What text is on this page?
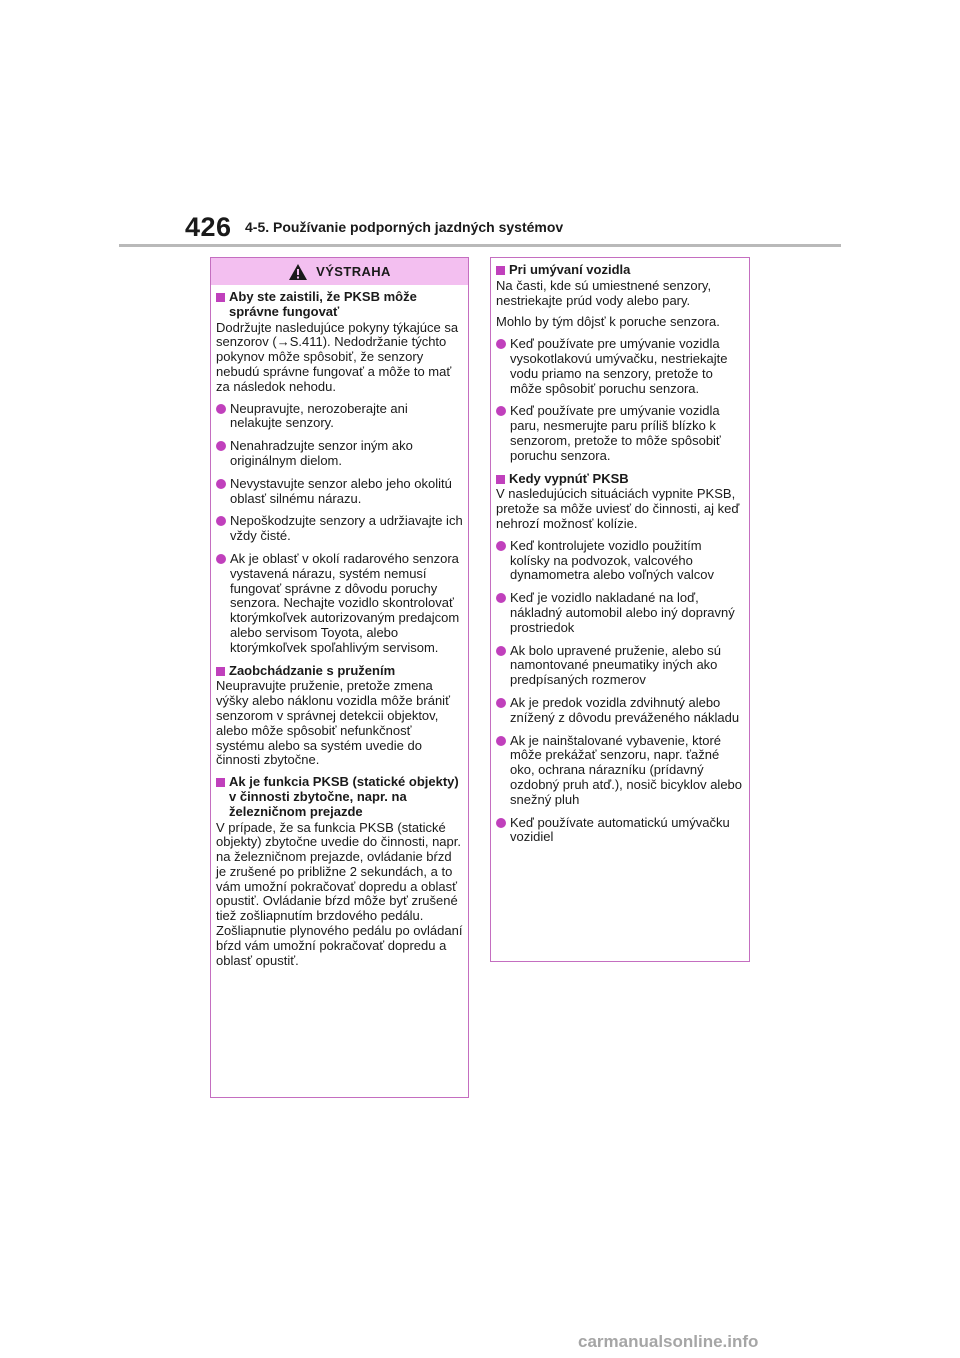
426 4-5. Používanie podporných jazdných systémov
VÝSTRAHA
Aby ste zaistili, že PKSB môže správne fungovať
Dodržujte nasledujúce pokyny týkajúce sa senzorov (→S.411). Nedodržanie týchto pokynov môže spôsobiť, že senzory nebudú správne fungovať a môže to mať za následok nehodu.
Neupravujte, nerozoberajte ani nelakujte senzory.
Nenahradzujte senzor iným ako originálnym dielom.
Nevystavujte senzor alebo jeho okolitú oblasť silnému nárazu.
Nepoškodzujte senzory a udržiavajte ich vždy čisté.
Ak je oblasť v okolí radarového senzora vystavená nárazu, systém nemusí fungovať správne z dôvodu poruchy senzora. Nechajte vozidlo skontrolovať ktorýmkoľvek autorizovaným predajcom alebo servisom Toyota, alebo ktorýmkoľvek spoľahlivým servisom.
Zaobchádzanie s pružením
Neupravujte pruženie, pretože zmena výšky alebo náklonu vozidla môže brániť senzorom v správnej detekcii objektov, alebo môže spôsobiť nefunkčnosť systému alebo sa systém uvedie do činnosti zbytočne.
Ak je funkcia PKSB (statické objekty) v činnosti zbytočne, napr. na železničnom prejazde
V prípade, že sa funkcia PKSB (statické objekty) zbytočne uvedie do činnosti, napr. na železničnom prejazde, ovládanie bŕzd je zrušené po približne 2 sekundách, a to vám umožní pokračovať dopredu a oblasť opustiť. Ovládanie bŕzd môže byť zrušené tiež zošliapnutím brzdového pedálu. Zošliapnutie plynového pedálu po ovládaní bŕzd vám umožní pokračovať dopredu a oblasť opustiť.
Pri umývaní vozidla
Na časti, kde sú umiestnené senzory, nestriekajte prúd vody alebo pary.
Mohlo by tým dôjsť k poruche senzora.
Keď používate pre umývanie vozidla vysokotlakovú umývačku, nestriekajte vodu priamo na senzory, pretože to môže spôsobiť poruchu senzora.
Keď používate pre umývanie vozidla paru, nesmerujte paru príliš blízko k senzorom, pretože to môže spôsobiť poruchu senzora.
Kedy vypnúť PKSB
V nasledujúcich situáciách vypnite PKSB, pretože sa môže uviesť do činnosti, aj keď nehrozí možnosť kolízie.
Keď kontrolujete vozidlo použitím kolísky na podvozok, valcového dynamometra alebo voľných valcov
Keď je vozidlo nakladané na loď, nákladný automobil alebo iný dopravný prostriedok
Ak bolo upravené pruženie, alebo sú namontované pneumatiky iných ako predpísaných rozmerov
Ak je predok vozidla zdvihnutý alebo znížený z dôvodu preváženého nákladu
Ak je nainštalované vybavenie, ktoré môže prekážať senzoru, napr. ťažné oko, ochrana nárazníku (prídavný ozdobný pruh atď.), nosič bicyklov alebo snežný pluh
Keď používate automatickú umývačku vozidiel
carmanualsonline.info
